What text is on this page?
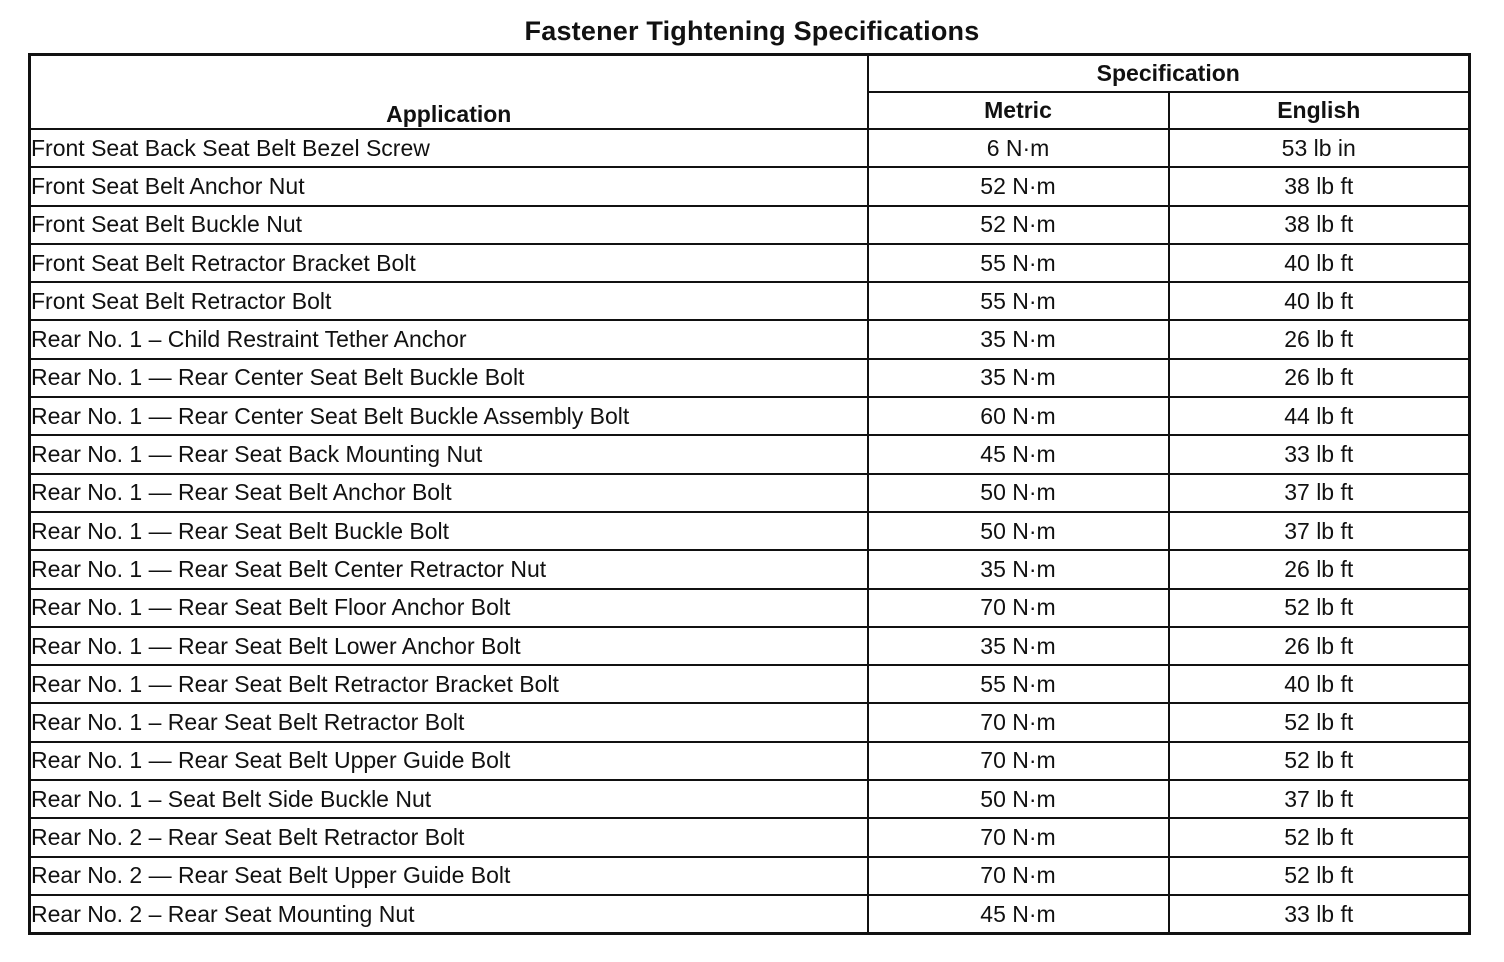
Fastener Tightening Specifications
Application	Specification	
	Metric	English
Front Seat Back Seat Belt Bezel Screw	6 N·m	53 lb in
Front Seat Belt Anchor Nut	52 N·m	38 lb ft
Front Seat Belt Buckle Nut	52 N·m	38 lb ft
Front Seat Belt Retractor Bracket Bolt	55 N·m	40 lb ft
Front Seat Belt Retractor Bolt	55 N·m	40 lb ft
Rear No. 1 – Child Restraint Tether Anchor	35 N·m	26 lb ft
Rear No. 1 — Rear Center Seat Belt Buckle Bolt	35 N·m	26 lb ft
Rear No. 1 — Rear Center Seat Belt Buckle Assembly Bolt	60 N·m	44 lb ft
Rear No. 1 — Rear Seat Back Mounting Nut	45 N·m	33 lb ft
Rear No. 1 — Rear Seat Belt Anchor Bolt	50 N·m	37 lb ft
Rear No. 1 — Rear Seat Belt Buckle Bolt	50 N·m	37 lb ft
Rear No. 1 — Rear Seat Belt Center Retractor Nut	35 N·m	26 lb ft
Rear No. 1 — Rear Seat Belt Floor Anchor Bolt	70 N·m	52 lb ft
Rear No. 1 — Rear Seat Belt Lower Anchor Bolt	35 N·m	26 lb ft
Rear No. 1 — Rear Seat Belt Retractor Bracket Bolt	55 N·m	40 lb ft
Rear No. 1 – Rear Seat Belt Retractor Bolt	70 N·m	52 lb ft
Rear No. 1 — Rear Seat Belt Upper Guide Bolt	70 N·m	52 lb ft
Rear No. 1 – Seat Belt Side Buckle Nut	50 N·m	37 lb ft
Rear No. 2 – Rear Seat Belt Retractor Bolt	70 N·m	52 lb ft
Rear No. 2 — Rear Seat Belt Upper Guide Bolt	70 N·m	52 lb ft
Rear No. 2 – Rear Seat Mounting Nut	45 N·m	33 lb ft
